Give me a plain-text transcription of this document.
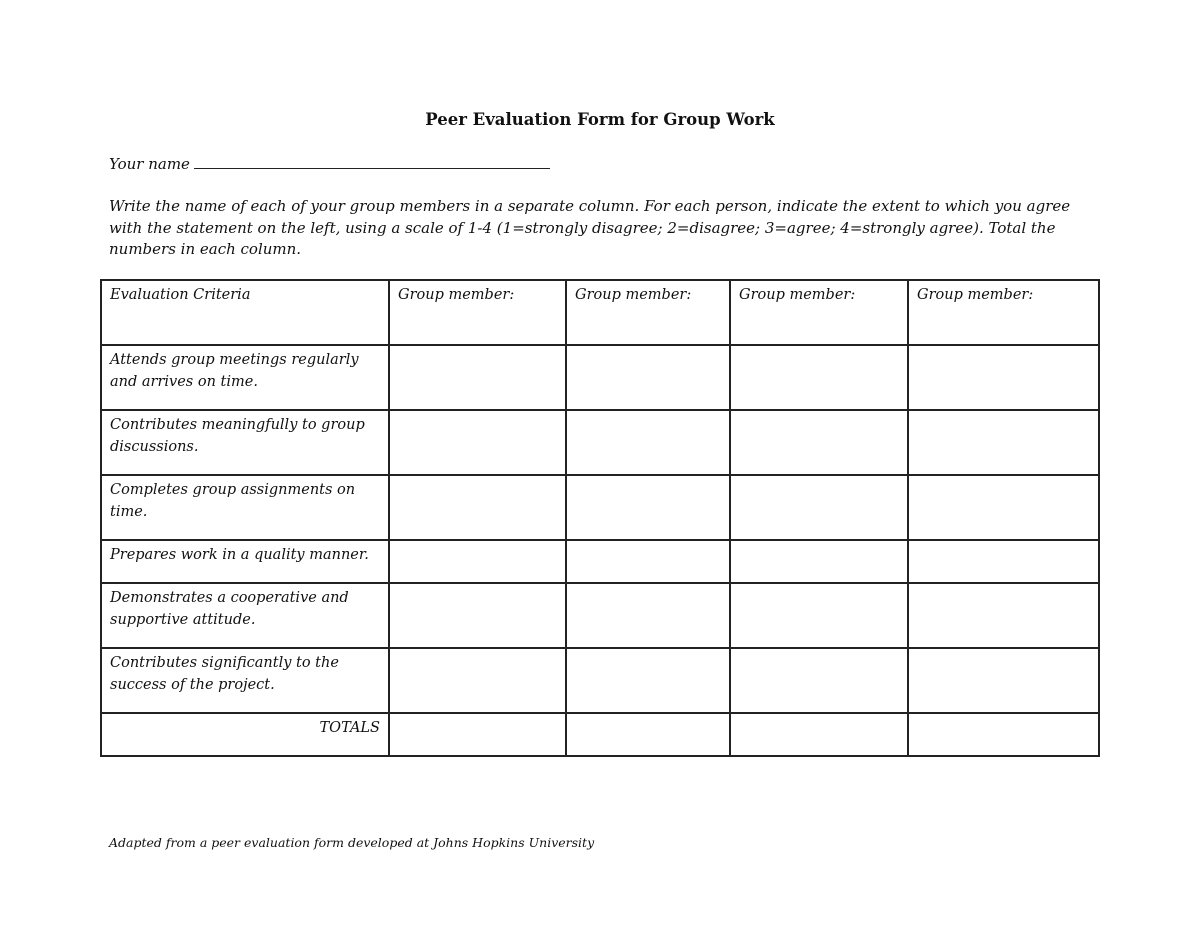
Peer Evaluation Form for Group Work
Your name
Write the name of each of your group members in a separate column. For each person, indicate the extent to which you agree with the statement on the left, using a scale of 1-4 (1=strongly disagree; 2=disagree; 3=agree; 4=strongly agree). Total the numbers in each column.
Evaluation Criteria	Group member:	Group member:	Group member:	Group member:
Attends group meetings regularly and arrives on time.				
Contributes meaningfully to group discussions.				
Completes group assignments on time.				
Prepares work in a quality manner.				
Demonstrates a cooperative and supportive attitude.				
Contributes significantly to the success of the project.				
TOTALS				
Adapted from a peer evaluation form developed at Johns Hopkins University
